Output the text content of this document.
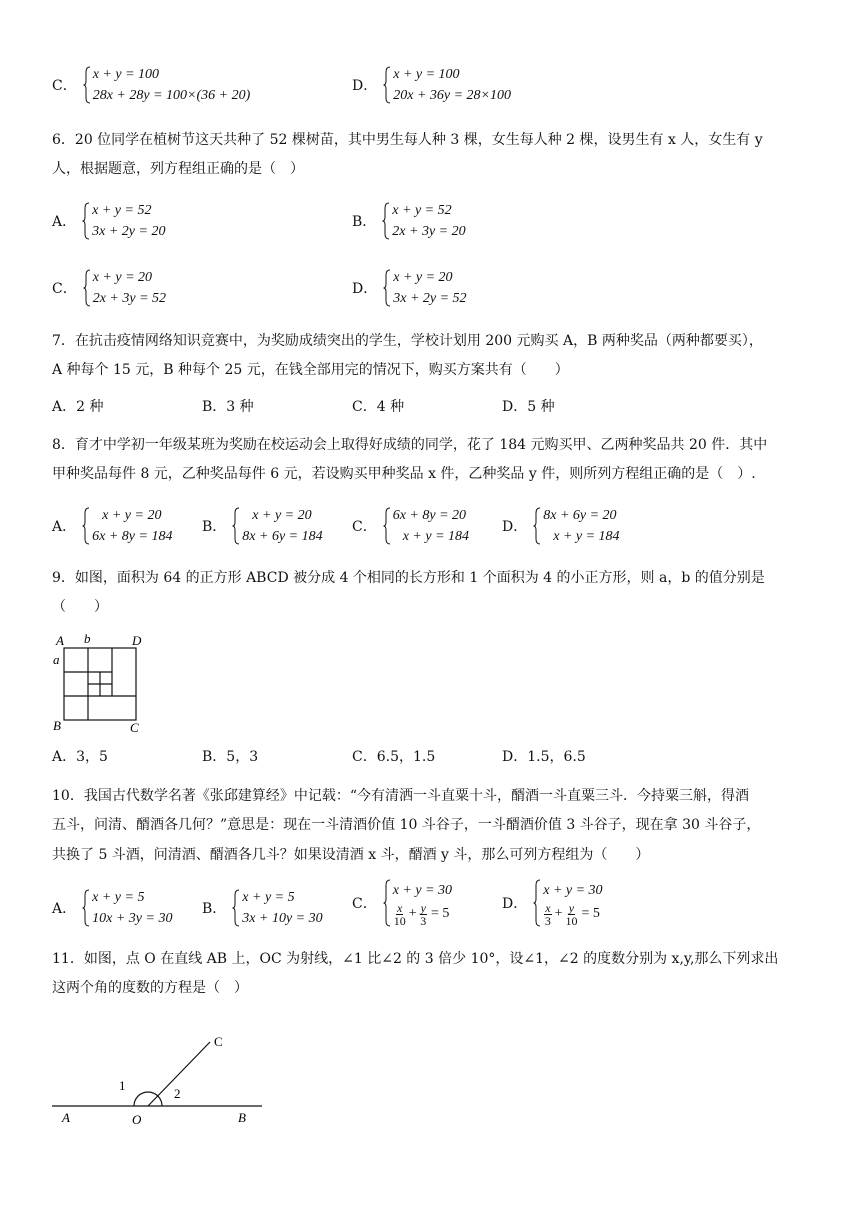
C．
x + y = 100
28x + 28y = 100×(36 + 20)
D．
x + y = 100
20x + 36y = 28×100
6．20 位同学在植树节这天共种了 52 棵树苗，其中男生每人种 3 棵，女生每人种 2 棵，设男生有 x 人，女生有 y
人，根据题意，列方程组正确的是（　）
A．
x + y = 52
3x + 2y = 20
B．
x + y = 52
2x + 3y = 20
C．
x + y = 20
2x + 3y = 52
D．
x + y = 20
3x + 2y = 52
7．在抗击疫情网络知识竞赛中，为奖励成绩突出的学生，学校计划用 200 元购买 A，B 两种奖品（两种都要买），
A 种每个 15 元，B 种每个 25 元，在钱全部用完的情况下，购买方案共有（　　）
A．2 种	B．3 种	C．4 种	D．5 种
8．育才中学初一年级某班为奖励在校运动会上取得好成绩的同学，花了 184 元购买甲、乙两种奖品共 20 件．其中
甲种奖品每件 8 元，乙种奖品每件 6 元，若设购买甲种奖品 x 件，乙种奖品 y 件，则所列方程组正确的是（　）.
A．
x + y = 20
6x + 8y = 184
B．
x + y = 20
8x + 6y = 184
C．
6x + 8y = 20
x + y = 184
D．
8x + 6y = 20
x + y = 184
9．如图，面积为 64 的正方形 ABCD 被分成 4 个相同的长方形和 1 个面积为 4 的小正方形，则 a，b 的值分别是
（　　）
A b	D
a
B	C
A．3，5	B．5，3	C．6.5，1.5	D．1.5，6.5
10．我国古代数学名著《张邱建算经》中记载：“今有清洒一斗直粟十斗，醑酒一斗直粟三斗．今持粟三斛，得酒
五斗，问清、醑酒各几何？”意思是：现在一斗清酒价值 10 斗谷子，一斗醑酒价值 3 斗谷子，现在拿 30 斗谷子，
共换了 5 斗酒，问清酒、醑酒各几斗？如果设清酒 x 斗，醑酒 y 斗，那么可列方程组为（　　）
A．
x + y = 5
10x + 3y = 30
B．
x + y = 5
3x + 10y = 30
C．
x + y = 30
$\frac{x}{10} + \frac{y}{3} = 5$
D．
x + y = 30
$\frac{x}{3} + \frac{y}{10} = 5$
11．如图，点 O 在直线 AB 上，OC 为射线，∠1 比∠2 的 3 倍少 10°，设∠1，∠2 的度数分别为 x,y,那么下列求出
这两个角的度数的方程是（　）
C
A	O	B
1
2
